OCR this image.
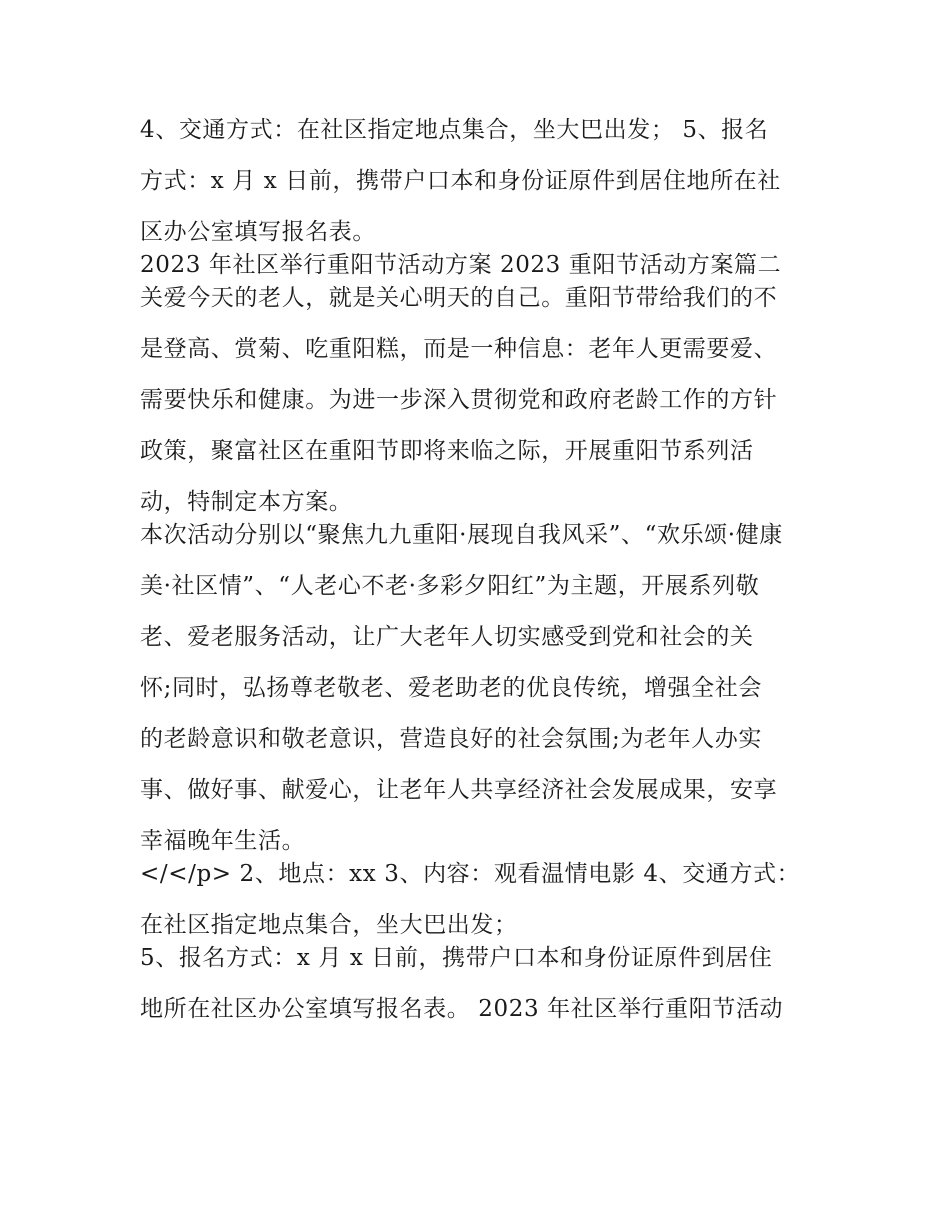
4、交通方式：在社区指定地点集合，坐大巴出发； 5、报名
方式：x 月 x 日前，携带户口本和身份证原件到居住地所在社
区办公室填写报名表。
2023 年社区举行重阳节活动方案 2023 重阳节活动方案篇二
关爱今天的老人，就是关心明天的自己。重阳节带给我们的不
是登高、赏菊、吃重阳糕，而是一种信息：老年人更需要爱、
需要快乐和健康。为进一步深入贯彻党和政府老龄工作的方针
政策，聚富社区在重阳节即将来临之际，开展重阳节系列活
动，特制定本方案。
本次活动分别以“聚焦九九重阳·展现自我风采”、“欢乐颂·健康
美·社区情”、“人老心不老·多彩夕阳红”为主题，开展系列敬
老、爱老服务活动，让广大老年人切实感受到党和社会的关
怀;同时，弘扬尊老敬老、爱老助老的优良传统，增强全社会
的老龄意识和敬老意识，营造良好的社会氛围;为老年人办实
事、做好事、献爱心，让老年人共享经济社会发展成果，安享
幸福晚年生活。
</</p> 2、地点：xx 3、内容：观看温情电影 4、交通方式：
在社区指定地点集合，坐大巴出发；
5、报名方式：x 月 x 日前，携带户口本和身份证原件到居住
地所在社区办公室填写报名表。 2023 年社区举行重阳节活动
